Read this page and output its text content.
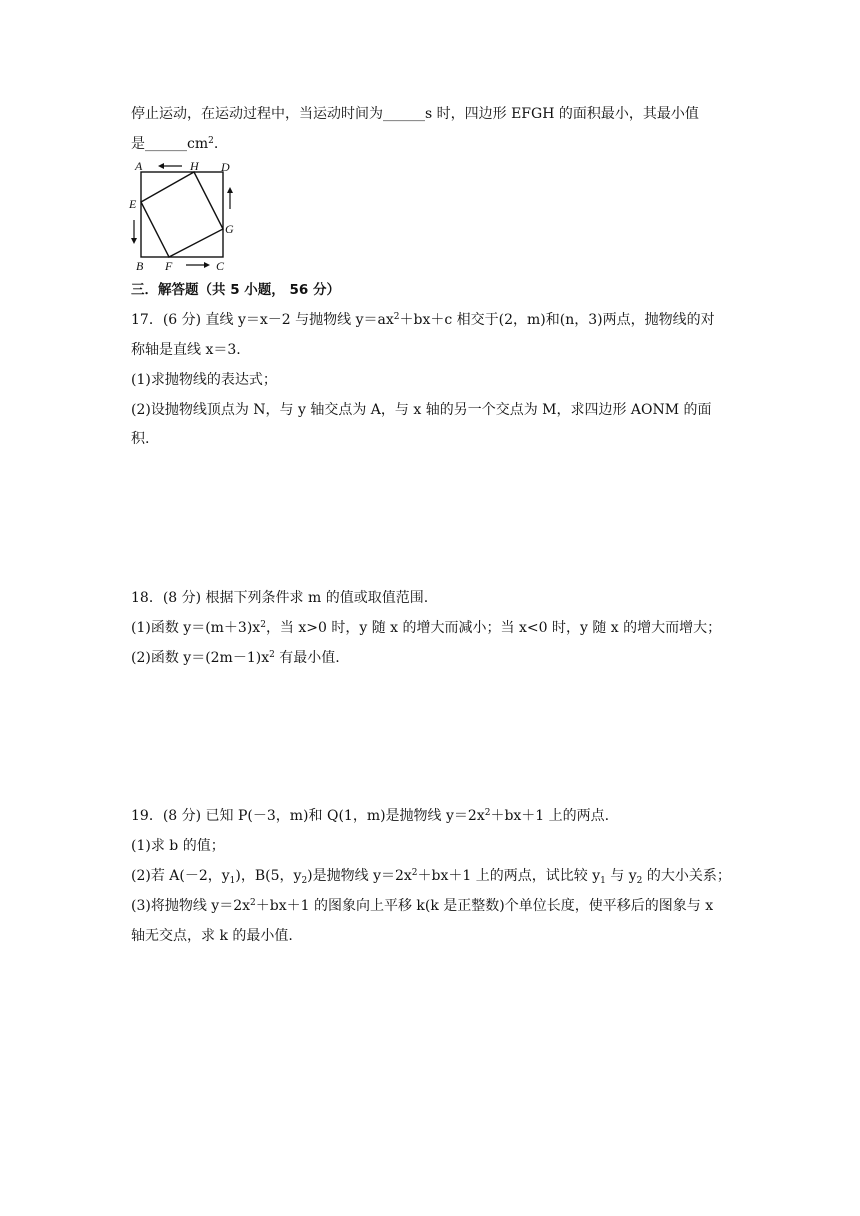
停止运动，在运动过程中，当运动时间为______s 时，四边形 EFGH 的面积最小，其最小值
是$\_\_\_\_\_\_cm^2$.
A	H D
E
G
B F	C
三．解答题（共 5 小题， 56 分）
17．(6 分) 直线 y＝x－2 与抛物线 $y=ax^2+bx+c$ 相交于(2，m)和(n，3)两点，抛物线的对
称轴是直线 x＝3.
(1)求抛物线的表达式；
(2)设抛物线顶点为 N，与 y 轴交点为 A，与 x 轴的另一个交点为 M，求四边形 AONM 的面
积.
18．(8 分) 根据下列条件求 m 的值或取值范围.
(1)函数 $y=(m+3)x^2$，当 x>0 时，y 随 x 的增大而减小；当 x<0 时，y 随 x 的增大而增大；
(2)函数 $y=(2m-1)x^2$ 有最小值.
19．(8 分) 已知 P(－3，m)和 Q(1，m)是抛物线 $y=2x^2+bx+1$ 上的两点.
(1)求 b 的值；
(2)若 A(－2，$y_1$)，B(5，$y_2$)是抛物线 $y=2x^2+bx+1$ 上的两点，试比较 $y_1$ 与 $y_2$ 的大小关系；
(3)将抛物线 $y=2x^2+bx+1$ 的图象向上平移 k(k 是正整数)个单位长度，使平移后的图象与 x
轴无交点，求 k 的最小值.
